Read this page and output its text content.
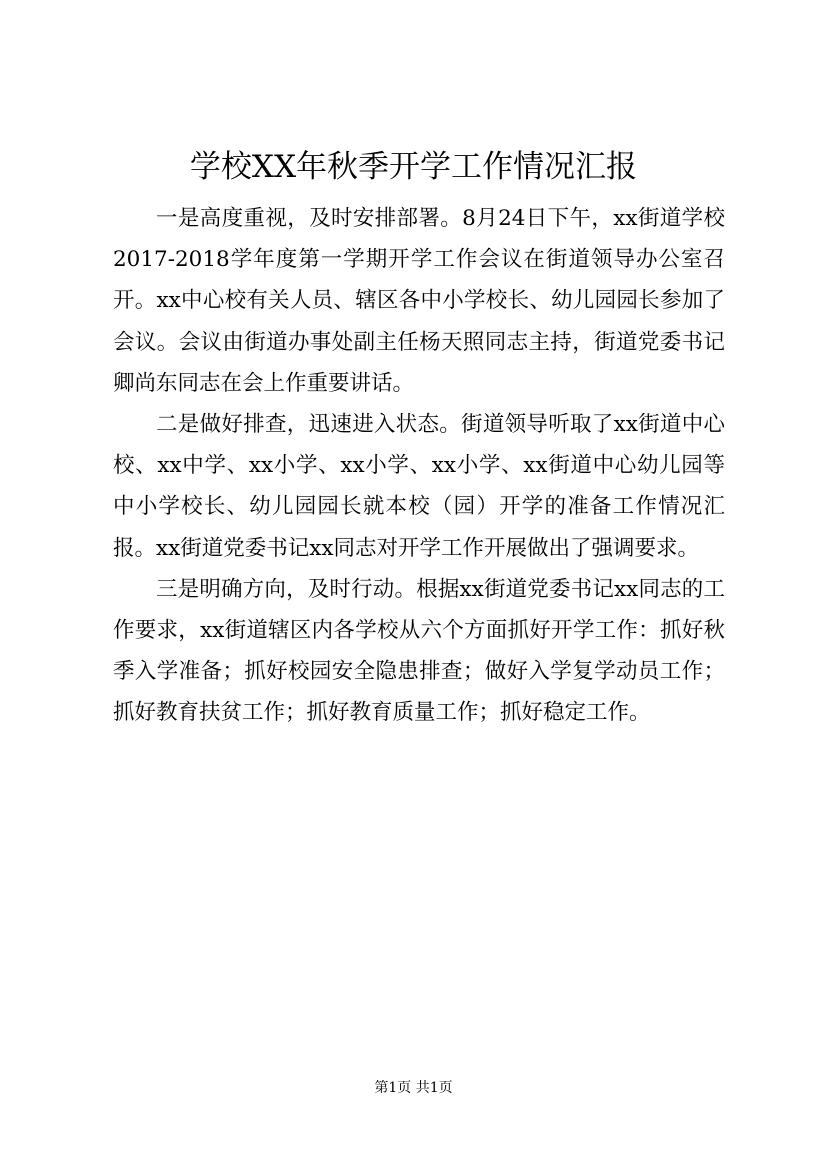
学校XX年秋季开学工作情况汇报

一是高度重视，及时安排部署。8月24日下午，xx街道学校2017-2018学年度第一学期开学工作会议在街道领导办公室召开。xx中心校有关人员、辖区各中小学校长、幼儿园园长参加了会议。会议由街道办事处副主任杨天照同志主持，街道党委书记卿尚东同志在会上作重要讲话。

二是做好排查，迅速进入状态。街道领导听取了xx街道中心校、xx中学、xx小学、xx小学、xx小学、xx街道中心幼儿园等中小学校长、幼儿园园长就本校（园）开学的准备工作情况汇报。xx街道党委书记xx同志对开学工作开展做出了强调要求。

三是明确方向，及时行动。根据xx街道党委书记xx同志的工作要求，xx街道辖区内各学校从六个方面抓好开学工作：抓好秋季入学准备；抓好校园安全隐患排查；做好入学复学动员工作；抓好教育扶贫工作；抓好教育质量工作；抓好稳定工作。

第1页 共1页
